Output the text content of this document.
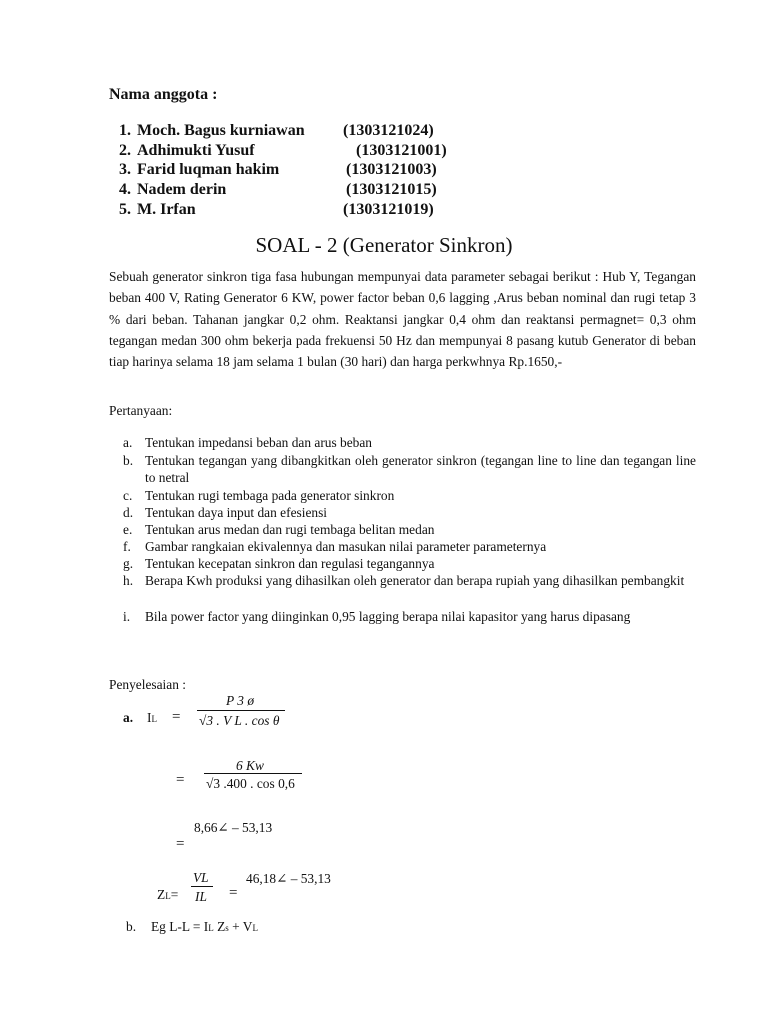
Nama anggota :
1. Moch. Bagus kurniawan (1303121024)
2. Adhimukti Yusuf	(1303121001)
3. Farid luqman hakim	(1303121003)
4. Nadem derin	(1303121015)
5. M. Irfan	(1303121019)
SOAL - 2 (Generator Sinkron)
Sebuah generator sinkron tiga fasa hubungan mempunyai data parameter sebagai berikut : Hub Y, Tegangan beban 400 V, Rating Generator 6 KW, power factor beban 0,6 lagging ,Arus beban nominal dan rugi tetap 3 % dari beban. Tahanan jangkar 0,2 ohm. Reaktansi jangkar 0,4 ohm dan reaktansi permagnet= 0,3 ohm tegangan medan 300 ohm bekerja pada frekuensi 50 Hz dan mempunyai 8 pasang kutub Generator di beban tiap harinya selama 18 jam selama 1 bulan (30 hari) dan harga perkwhnya Rp.1650,-
Pertanyaan:
a. Tentukan impedansi beban dan arus beban
b. Tentukan tegangan yang dibangkitkan oleh generator sinkron (tegangan line to line dan tegangan line to netral
c. Tentukan rugi tembaga pada generator sinkron
d. Tentukan daya input dan efesiensi
e. Tentukan arus medan dan rugi tembaga belitan medan
f. Gambar rangkaian ekivalennya dan masukan nilai parameter parameternya
g. Tentukan kecepatan sinkron dan regulasi tegangannya
h. Berapa Kwh produksi yang dihasilkan oleh generator dan berapa rupiah yang dihasilkan pembangkit
i. Bila power factor yang diinginkan 0,95 lagging berapa nilai kapasitor yang harus dipasang
Penyelesaian :
a. IL =
P 3 ø
√3 . V L . cos θ
=
6 Kw
√3 .400 . cos 0,6
8,66∠ – 53,13
=
VL
IL
ZL=	=
46,18∠ – 53,13
b. Eg L-L = IL Zs + VL
